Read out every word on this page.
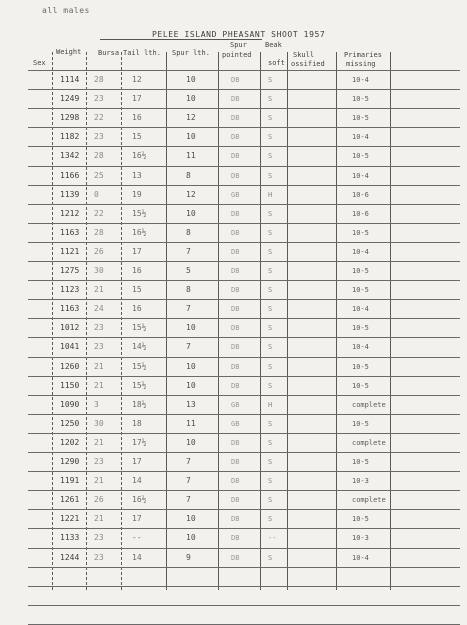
all males
PELEE ISLAND PHEASANT SHOOT 1957
Sex
Weight Bursa Tail lth. Spur lth.
Spur
pointed
Beak
soft
Skull
ossified
Primaries
missing
1114 28	12	10	DB	S	10-4
1249 23	17	10	DB	S	10-5
1298 22	16	12	DB	S	10-5
1182 23	15	10	DB	S	10-4
1342 28	16½	11	DB	S	10-5
1166 25	13	8	DB	S	10-4
1139 0	19	12	GB	H	10-6
1212 22	15½	10	DB	S	10-6
1163 28	16½	8	DB	S	10-5
1121 26	17	7	DB	S	10-4
1275 30	16	5	DB	S	10-5
1123 21	15	8	DB	S	10-5
1163 24	16	7	DB	S	10-4
1012 23	15½	10	DB	S	10-5
1041 23	14½	7	DB	S	10-4
1260 21	15½	10	DB	S	10-5
1150 21	15½	10	DB	S	10-5
1090 3	18½	13	GB	H	complete
1250 30	18	11	GB	S	10-5
1202 21	17½	10	DB	S	complete
1290 23	17	7	DB	S	10-5
1191 21	14	7	DB	S	10-3
1261 26	16½	7	DB	S	complete
1221 21	17	10	DB	S	10-5
1133 23	--	10	DB	--	10-3
1244 23	14	9	DB	S	10-4
